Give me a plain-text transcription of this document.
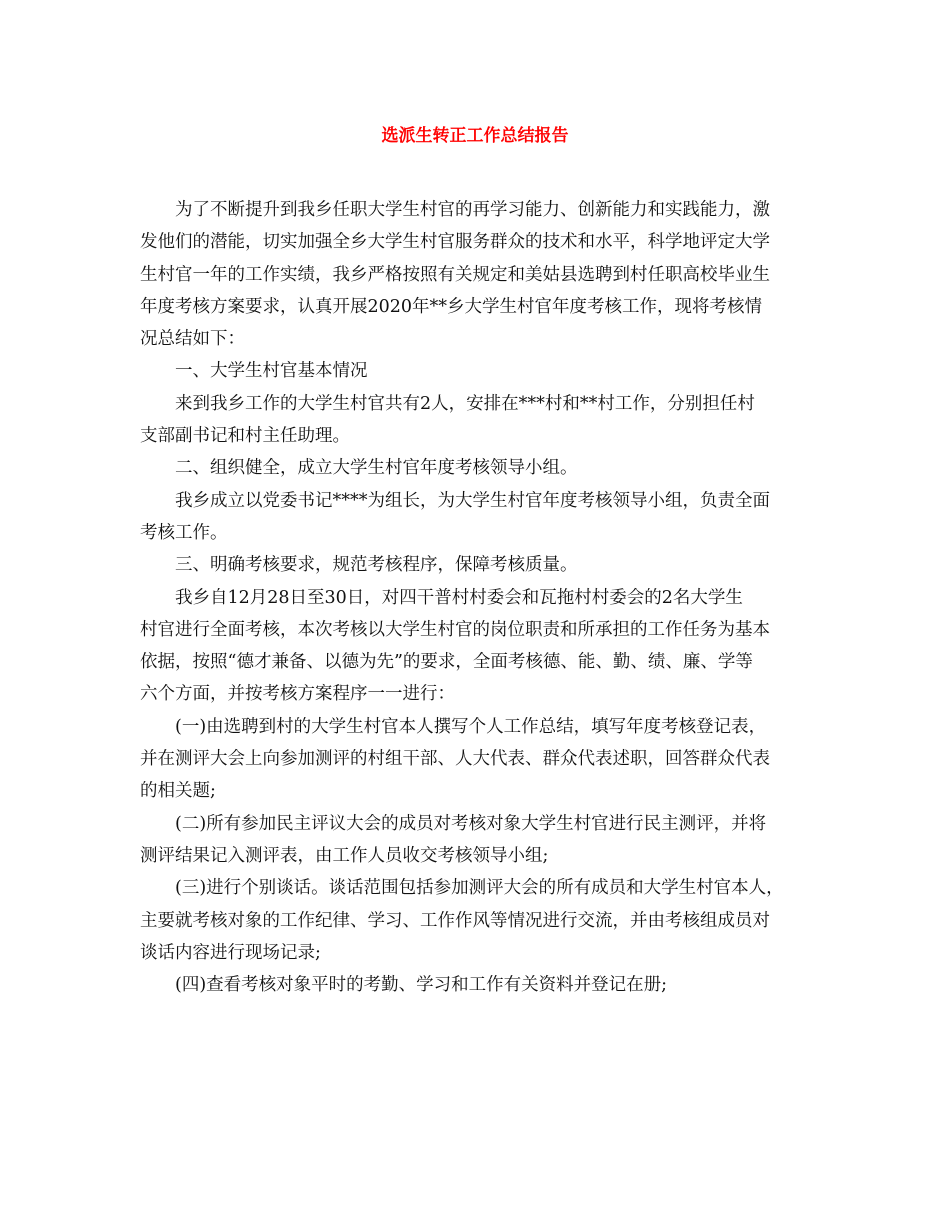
选派生转正工作总结报告
为了不断提升到我乡任职大学生村官的再学习能力、创新能力和实践能力，激
发他们的潜能，切实加强全乡大学生村官服务群众的技术和水平，科学地评定大学
生村官一年的工作实绩，我乡严格按照有关规定和美姑县选聘到村任职高校毕业生
年度考核方案要求，认真开展2020年**乡大学生村官年度考核工作，现将考核情
况总结如下：
一、大学生村官基本情况
来到我乡工作的大学生村官共有2人，安排在***村和**村工作，分别担任村
支部副书记和村主任助理。
二、组织健全，成立大学生村官年度考核领导小组。
我乡成立以党委书记****为组长，为大学生村官年度考核领导小组，负责全面
考核工作。
三、明确考核要求，规范考核程序，保障考核质量。
我乡自12月28日至30日，对四干普村村委会和瓦拖村村委会的2名大学生
村官进行全面考核，本次考核以大学生村官的岗位职责和所承担的工作任务为基本
依据，按照“德才兼备、以德为先”的要求，全面考核德、能、勤、绩、廉、学等
六个方面，并按考核方案程序一一进行：
(一)由选聘到村的大学生村官本人撰写个人工作总结，填写年度考核登记表，
并在测评大会上向参加测评的村组干部、人大代表、群众代表述职，回答群众代表
的相关题;
(二)所有参加民主评议大会的成员对考核对象大学生村官进行民主测评，并将
测评结果记入测评表，由工作人员收交考核领导小组;
(三)进行个别谈话。谈话范围包括参加测评大会的所有成员和大学生村官本人，
主要就考核对象的工作纪律、学习、工作作风等情况进行交流，并由考核组成员对
谈话内容进行现场记录;
(四)查看考核对象平时的考勤、学习和工作有关资料并登记在册;
